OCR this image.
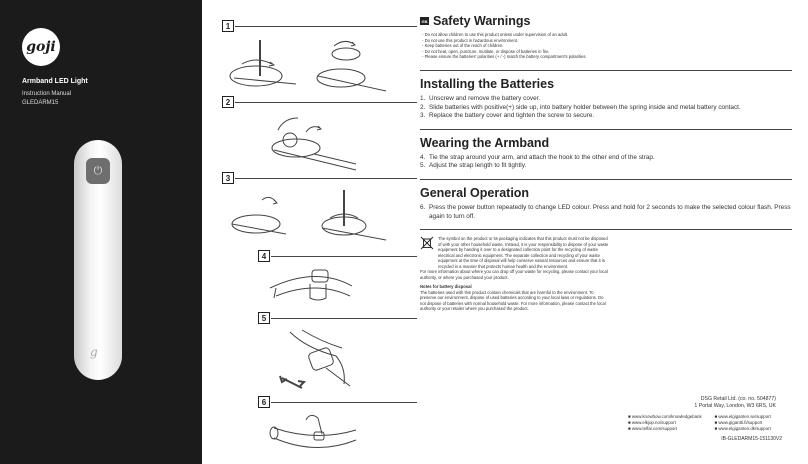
goji
Armband LED Light
Instruction Manual
GLEDARM15
⏻
g
1
2
3
4
5
6
GB Safety Warnings
- Do not allow children to use this product unless under supervision of an adult.
- Do not use this product in hazardous environment.
- Keep batteries out of the reach of children.
- Do not heat, open, puncture, mutilate, or dispose of batteries in fire.
- Please ensure the batteries' polarities (+ / -) match the battery compartment's polarities.
Installing the Batteries
1. Unscrew and remove the battery cover.
2. Slide batteries with positive(+) side up, into battery holder between the spring inside and metal battery contact.
3. Replace the battery cover and tighten the screw to secure.
Wearing the Armband
4. Tie the strap around your arm, and attach the hook to the other end of the strap.
5. Adjust the strap length to fit tightly.
General Operation
6. Press the power button repeatedly to change LED colour. Press and hold for 2 seconds to make the selected colour flash. Press again to turn off.
The symbol on the product or its packaging indicates that this product must not be disposed of with your other household waste. Instead, it is your responsibility to dispose of your waste equipment by handing it over to a designated collection point for the recycling of waste electrical and electronic equipment. The separate collection and recycling of your waste equipment at the time of disposal will help conserve natural resources and ensure that it is recycled in a manner that protects human health and the environment.
For more information about where you can drop off your waste for recycling, please contact your local authority, or where you purchased your product.
Notes for battery disposal
The batteries used with this product contain chemicals that are harmful to the environment. To preserve our environment, dispose of used batteries according to your local laws or regulations. Do not dispose of batteries with normal household waste. For more information, please contact the local authority or your retailer where you purchased the product.
DSG Retail Ltd. (co. no. 504877)
1 Portal Way, London, W3 6RS, UK
■ www.knowhow.com/knowledgebank	■ www.elgiganten.se/support
■ www.elkjop.no/support	■ www.gigantti.fi/support
■ www.telfal.com/support	■ www.elgiganten.dk/support
IB-GLEDARM15-151130V2
